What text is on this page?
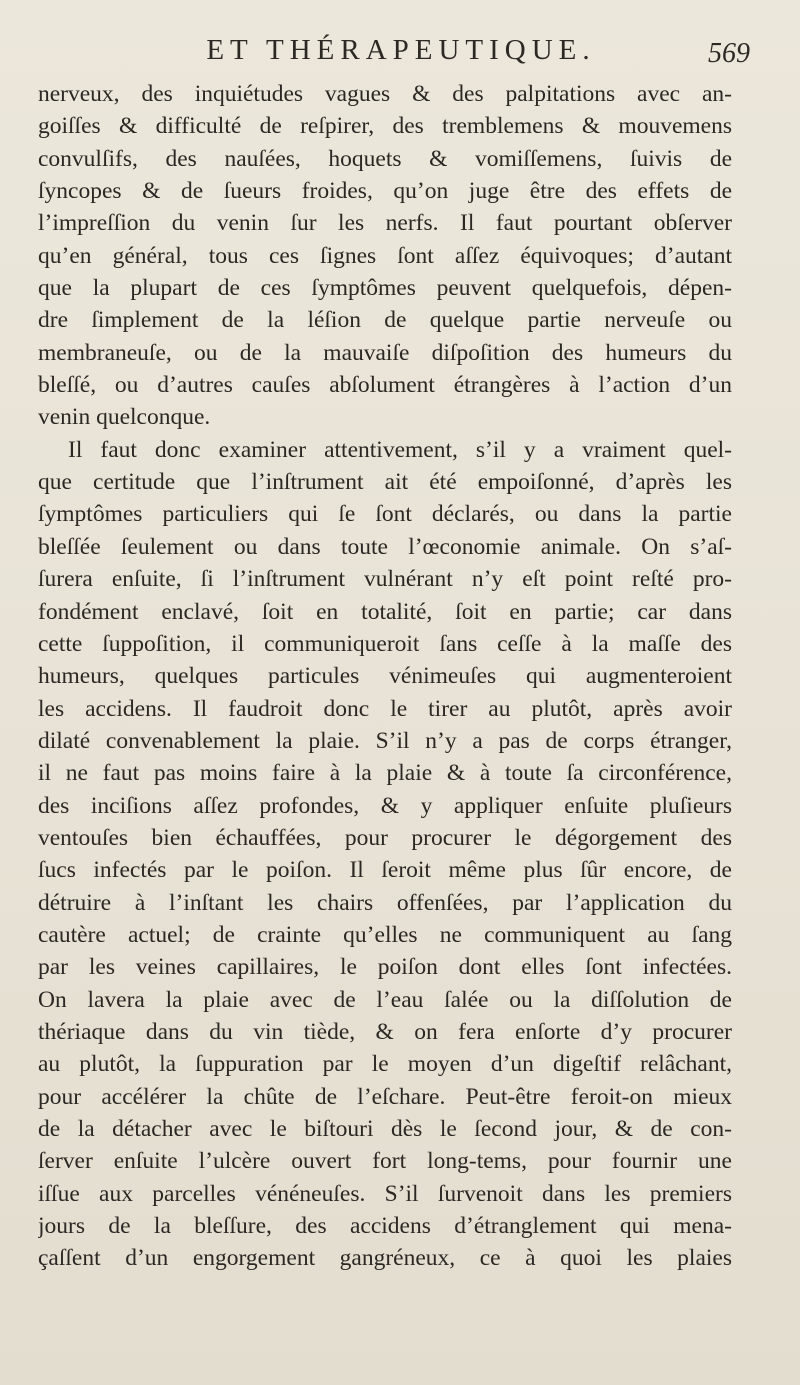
ET THÉRAPEUTIQUE.	569
nerveux, des inquiétudes vagues & des palpitations avec an-
goiſſes & difficulté de reſpirer, des tremblemens & mouvemens
convulſifs, des nauſées, hoquets & vomiſſemens, ſuivis de
ſyncopes & de ſueurs froides, qu’on juge être des effets de
l’impreſſion du venin ſur les nerfs. Il faut pourtant obſerver
qu’en général, tous ces ſignes ſont aſſez équivoques; d’autant
que la plupart de ces ſymptômes peuvent quelquefois, dépen-
dre ſimplement de la léſion de quelque partie nerveuſe ou
membraneuſe, ou de la mauvaiſe diſpoſition des humeurs du
bleſſé, ou d’autres cauſes abſolument étrangères à l’action d’un
venin quelconque.
Il faut donc examiner attentivement, s’il y a vraiment quel-
que certitude que l’inſtrument ait été empoiſonné, d’après les
ſymptômes particuliers qui ſe ſont déclarés, ou dans la partie
bleſſée ſeulement ou dans toute l’œconomie animale. On s’aſ-
ſurera enſuite, ſi l’inſtrument vulnérant n’y eſt point reſté pro-
fondément enclavé, ſoit en totalité, ſoit en partie; car dans
cette ſuppoſition, il communiqueroit ſans ceſſe à la maſſe des
humeurs, quelques particules vénimeuſes qui augmenteroient
les accidens. Il faudroit donc le tirer au plutôt, après avoir
dilaté convenablement la plaie. S’il n’y a pas de corps étranger,
il ne faut pas moins faire à la plaie & à toute ſa circonférence,
des inciſions aſſez profondes, & y appliquer enſuite pluſieurs
ventouſes bien échauffées, pour procurer le dégorgement des
ſucs infectés par le poiſon. Il ſeroit même plus ſûr encore, de
détruire à l’inſtant les chairs offenſées, par l’application du
cautère actuel; de crainte qu’elles ne communiquent au ſang
par les veines capillaires, le poiſon dont elles ſont infectées.
On lavera la plaie avec de l’eau ſalée ou la diſſolution de
thériaque dans du vin tiède, & on fera enſorte d’y procurer
au plutôt, la ſuppuration par le moyen d’un digeſtif relâchant,
pour accélérer la chûte de l’eſchare. Peut-être feroit-on mieux
de la détacher avec le biſtouri dès le ſecond jour, & de con-
ſerver enſuite l’ulcère ouvert fort long-tems, pour fournir une
iſſue aux parcelles vénéneuſes. S’il ſurvenoit dans les premiers
jours de la bleſſure, des accidens d’étranglement qui mena-
çaſſent d’un engorgement gangréneux, ce à quoi les plaies
